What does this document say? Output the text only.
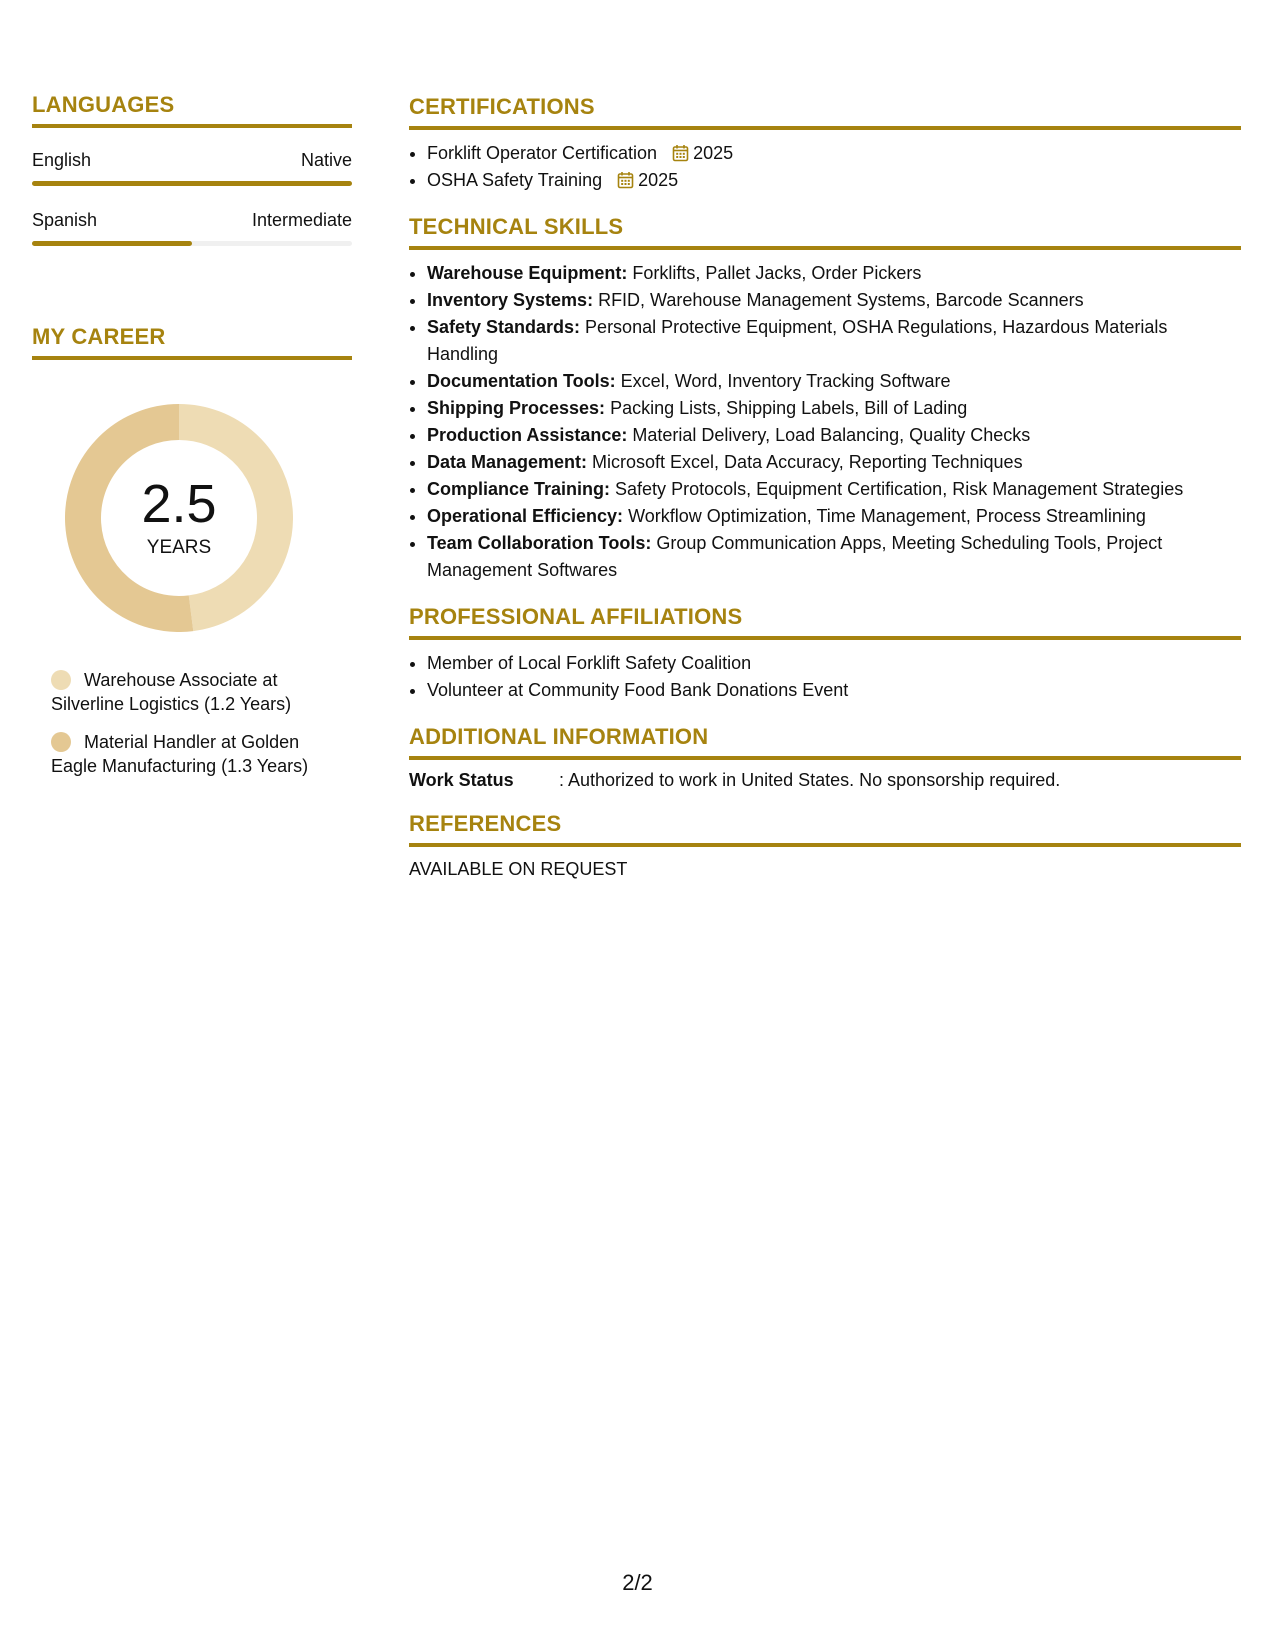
LANGUAGES
English	Native
Spanish	Intermediate
MY CAREER
2.5
YEARS
Warehouse Associate at Silverline Logistics (1.2 Years)
Material Handler at Golden Eagle Manufacturing (1.3 Years)
CERTIFICATIONS
• Forklift Operator Certification 2025
• OSHA Safety Training 2025
TECHNICAL SKILLS
• Warehouse Equipment: Forklifts, Pallet Jacks, Order Pickers
• Inventory Systems: RFID, Warehouse Management Systems, Barcode Scanners
• Safety Standards: Personal Protective Equipment, OSHA Regulations, Hazardous Materials Handling
• Documentation Tools: Excel, Word, Inventory Tracking Software
• Shipping Processes: Packing Lists, Shipping Labels, Bill of Lading
• Production Assistance: Material Delivery, Load Balancing, Quality Checks
• Data Management: Microsoft Excel, Data Accuracy, Reporting Techniques
• Compliance Training: Safety Protocols, Equipment Certification, Risk Management Strategies
• Operational Efficiency: Workflow Optimization, Time Management, Process Streamlining
• Team Collaboration Tools: Group Communication Apps, Meeting Scheduling Tools, Project Management Softwares
PROFESSIONAL AFFILIATIONS
• Member of Local Forklift Safety Coalition
• Volunteer at Community Food Bank Donations Event
ADDITIONAL INFORMATION
Work Status	: Authorized to work in United States. No sponsorship required.
REFERENCES
AVAILABLE ON REQUEST
2/2
